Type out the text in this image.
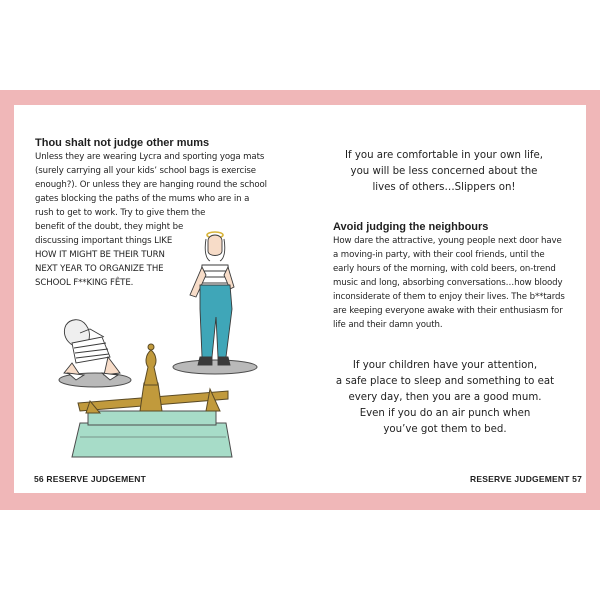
Thou shalt not judge other mums
Unless they are wearing Lycra and sporting yoga mats
(surely carrying all your kids’ school bags is exercise
enough?). Or unless they are hanging round the school
gates blocking the paths of the mums who are in a
rush to get to work. Try to give them the
benefit of the doubt, they might be
discussing important things LIKE
HOW IT MIGHT BE THEIR TURN
NEXT YEAR TO ORGANIZE THE
SCHOOL F**KING FÊTE.
If you are comfortable in your own life,
you will be less concerned about the
lives of others…Slippers on!
Avoid judging the neighbours
How dare the attractive, young people next door have
a moving-in party, with their cool friends, until the
early hours of the morning, with cold beers, on-trend
music and long, absorbing conversations…how bloody
inconsiderate of them to enjoy their lives. The b**tards
are keeping everyone awake with their enthusiasm for
life and their damn youth.
If your children have your attention,
a safe place to sleep and something to eat
every day, then you are a good mum.
Even if you do an air punch when
you’ve got them to bed.
56 RESERVE JUDGEMENT	RESERVE JUDGEMENT 57
